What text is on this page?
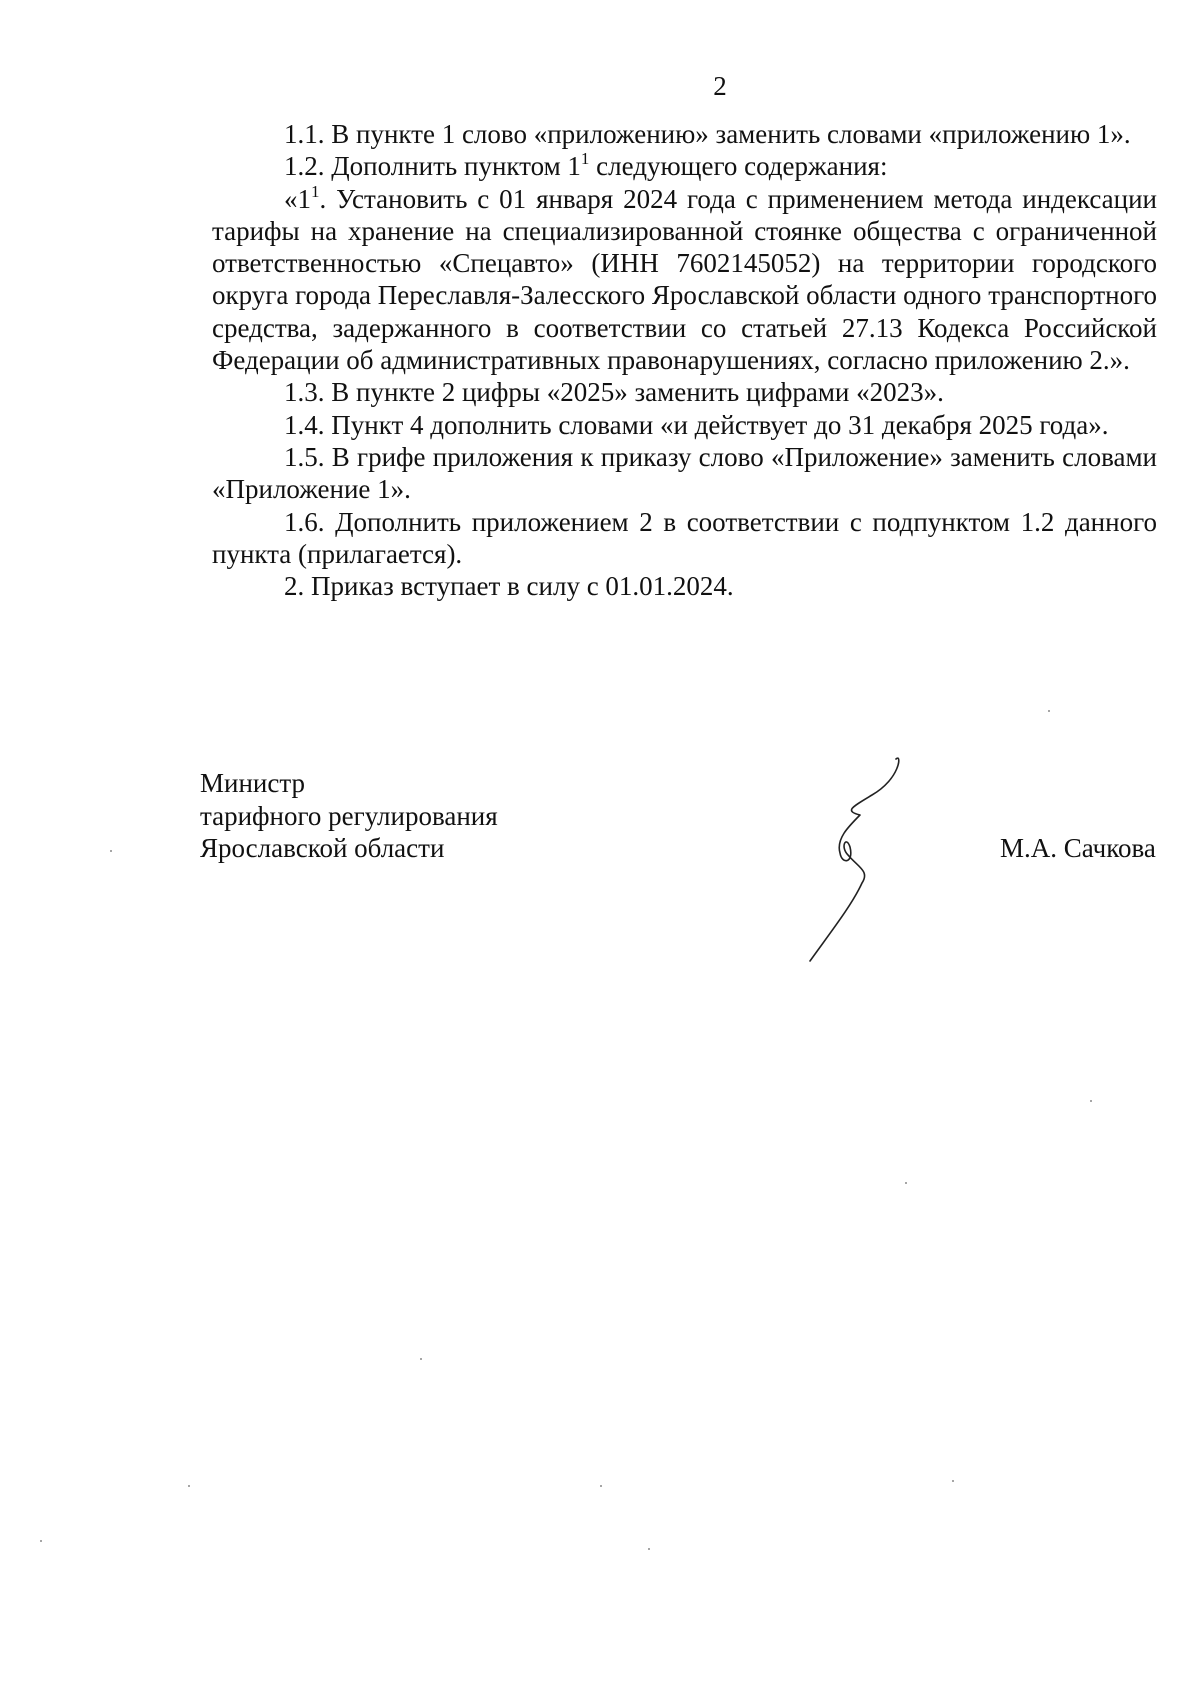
2

1.1. В пункте 1 слово «приложению» заменить словами «приложению 1».

1.2. Дополнить пунктом $1^1$ следующего содержания:

«$1^1$. Установить с 01 января 2024 года с применением метода индексации тарифы на хранение на специализированной стоянке общества с ограниченной ответственностью «Спецавто» (ИНН 7602145052) на территории городского округа города Переславля-Залесского Ярославской области одного транспортного средства, задержанного в соответствии со статьей 27.13 Кодекса Российской Федерации об административных правонарушениях, согласно приложению 2.».

1.3. В пункте 2 цифры «2025» заменить цифрами «2023».

1.4. Пункт 4 дополнить словами «и действует до 31 декабря 2025 года».

1.5. В грифе приложения к приказу слово «Приложение» заменить словами «Приложение 1».

1.6. Дополнить приложением 2 в соответствии с подпунктом 1.2 данного пункта (прилагается).

2. Приказ вступает в силу с 01.01.2024.

Министр
тарифного регулирования
Ярославской области	М.А. Сачкова
